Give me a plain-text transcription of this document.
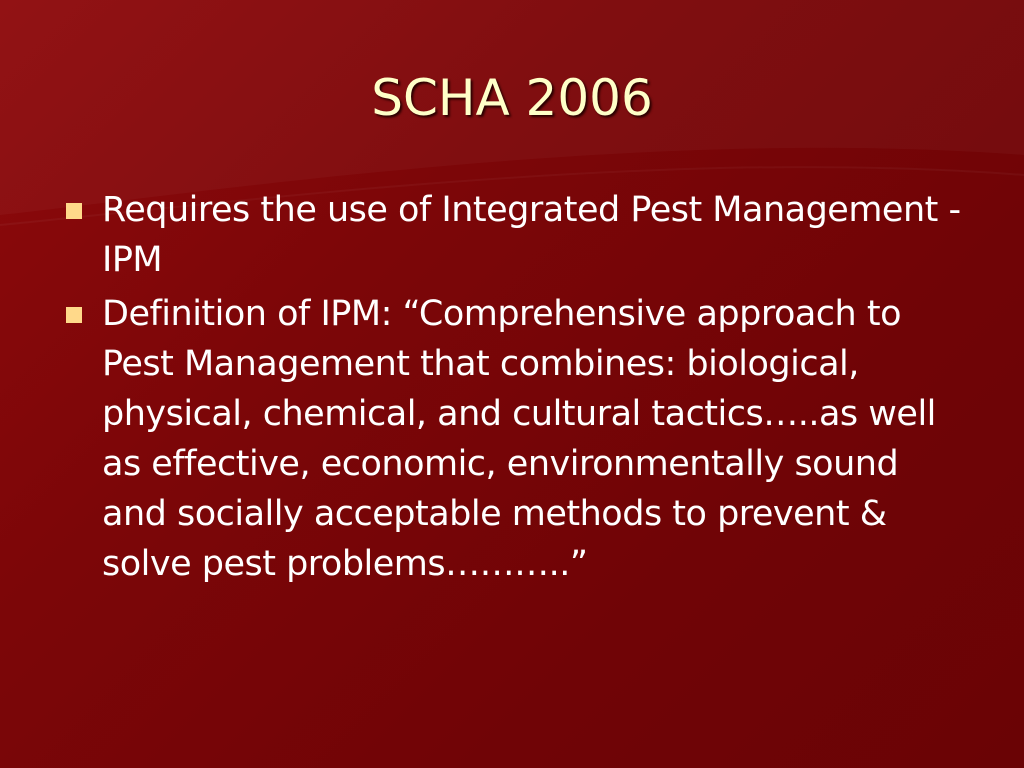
SCHA 2006
Requires the use of Integrated Pest Management -IPM
Definition of IPM: “Comprehensive approach to Pest Management that combines: biological, physical, chemical, and cultural tactics…..as well as effective, economic, environmentally sound and socially acceptable methods to prevent & solve pest problems………..”
